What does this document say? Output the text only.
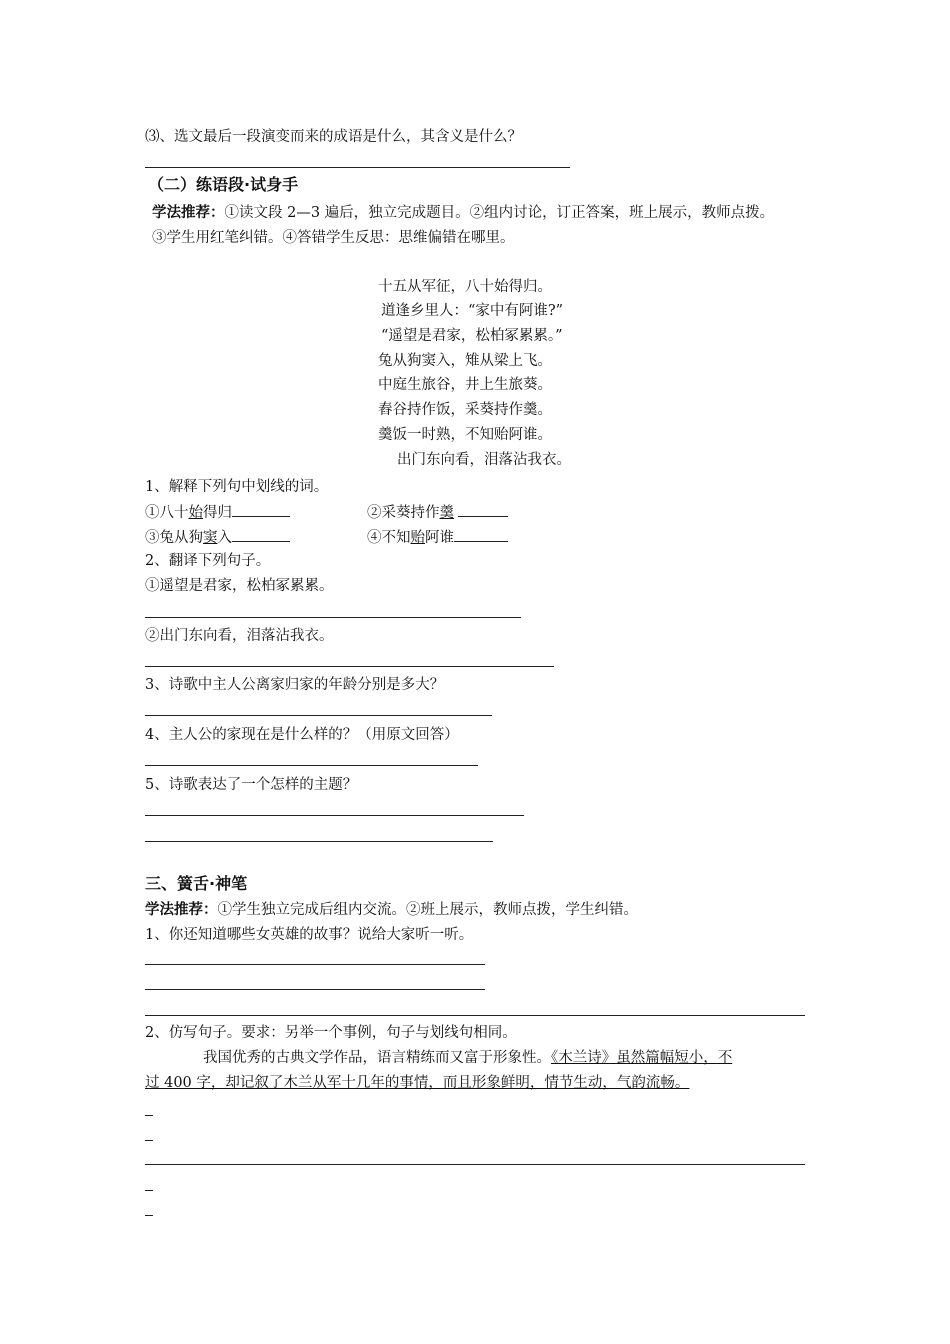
⑶、选文最后一段演变而来的成语是什么，其含义是什么？
（二）练语段·试身手
学法推荐：①读文段 2—3 遍后，独立完成题目。②组内讨论，订正答案，班上展示，教师点拨。
③学生用红笔纠错。④答错学生反思：思维偏错在哪里。
十五从军征，八十始得归。
道逢乡里人：“家中有阿谁?”
“遥望是君家，松柏冢累累。”
兔从狗窦入，雉从梁上飞。
中庭生旅谷，井上生旅葵。
舂谷持作饭，采葵持作羹。
羹饭一时熟，不知贻阿谁。
出门东向看，泪落沾我衣。
1、解释下列句中划线的词。
①八十始得归	②采葵持作羹
③兔从狗窦入	④不知贻阿谁
2、翻译下列句子。
①遥望是君家，松柏冢累累。
②出门东向看，泪落沾我衣。
3、诗歌中主人公离家归家的年龄分别是多大？
4、主人公的家现在是什么样的？（用原文回答）
5、诗歌表达了一个怎样的主题？
三、簧舌·神笔
学法推荐：①学生独立完成后组内交流。②班上展示，教师点拨，学生纠错。
1、你还知道哪些女英雄的故事？说给大家听一听。
2、仿写句子。要求：另举一个事例，句子与划线句相同。
我国优秀的古典文学作品，语言精练而又富于形象性。《木兰诗》虽然篇幅短小，不
过 400 字，却记叙了木兰从军十几年的事情，而且形象鲜明，情节生动，气韵流畅。
